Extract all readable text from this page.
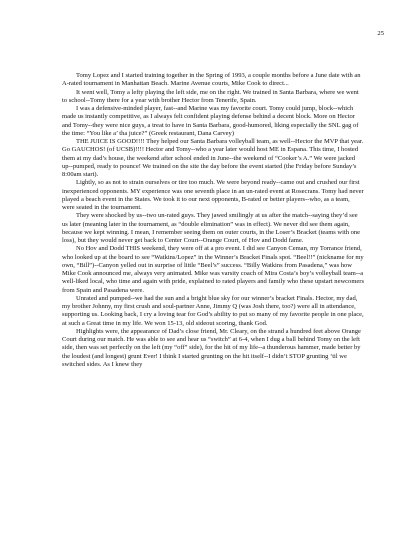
25

Tomy Lopez and I started training together in the Spring of 1993, a couple months before a June date with an A-rated tournament in Manhattan Beach. Marine Avenue courts, Mike Cook to direct...

It went well, Tomy a lefty playing the left side, me on the right. We trained in Santa Barbara, where we went to school--Tomy there for a year with brother Hector from Tenerife, Spain.

I was a defensive-minded player, fast--and Marine was my favorite court. Tomy could jump, block--which made us instantly competitive, as I always felt confident playing defense behind a decent block. More on Hector and Tomy--they were nice guys, a treat to have in Santa Barbara, good-humored, liking especially the SNL gag of the time: “You like a’ tha juice?” (Greek restaurant, Dana Carvey)

THE JUICE IS GOOD!!!! They helped our Santa Barbara volleyball team, as well--Hector the MVP that year. Go GAUCHOS! (of UCSB)!!!! Hector and Tomy--who a year later would host ME in Espana. This time, I hosted them at my dad’s house, the weekend after school ended in June--the weekend of “Cooker’s A.” We were jacked up--pumped, ready to pounce! We trained on the site the day before the event started (the Friday before Sunday’s 8:00am start).

Lightly, so as not to strain ourselves or tire too much. We were beyond ready--came out and crushed our first inexperienced opponents. MY experience was one seventh place in an un-rated event at Rosecrans. Tomy had never played a beach event in the States. We took it to our next opponents, B-rated or better players--who, as a team, were seated in the tournament.

They were shocked by us--two un-rated guys. They jawed smilingly at us after the match--saying they’d see us later (meaning later in the tournament, as “double elimination” was in effect). We never did see them again, because we kept winning. I mean, I remember seeing them on outer courts, in the Loser’s Bracket (teams with one loss), but they would never get back to Center Court--Orange Court, of Hov and Dodd fame.

No Hov and Dodd THIS weekend, they were off at a pro event. I did see Canyon Ceman, my Torrance friend, who looked up at the board to see “Watkins/Lopez” in the Winner’s Bracket Finals spot. “Beel!!” (nickname for my own, “Bill”)--Canyon yelled out in surprise of little “Beel’s” success. “Billy Watkins from Pasadena,” was how Mike Cook announced me, always very animated. Mike was varsity coach of Mira Costa’s boy’s volleyball team--a well-liked local, who time and again with pride, explained to rated players and family who these upstart newcomers from Spain and Pasadena were.

Unrated and pumped--we had the sun and a bright blue sky for our winner’s bracket Finals. Hector, my dad, my brother Johnny, my first crush and soul-partner Anne, Jimmy Q (was Josh there, too?) were all in attendance, supporting us. Looking back, I cry a loving tear for God’s ability to put so many of my favorite people in one place, at such a Great time in my life. We won 15-13, old sideout scoring, thank God.

Highlights were, the appearance of Dad’s close friend, Mr. Cleary, on the strand a hundred feet above Orange Court during our match. He was able to see and hear us “switch” at 6-4, when I dug a ball behind Tomy on the left side, then was set perfectly on the left (my “off” side), for the hit of my life--a thunderous hammer, made better by the loudest (and longest) grunt Ever! I think I started grunting on the hit itself--I didn’t STOP grunting ‘til we switched sides. As I knew they
